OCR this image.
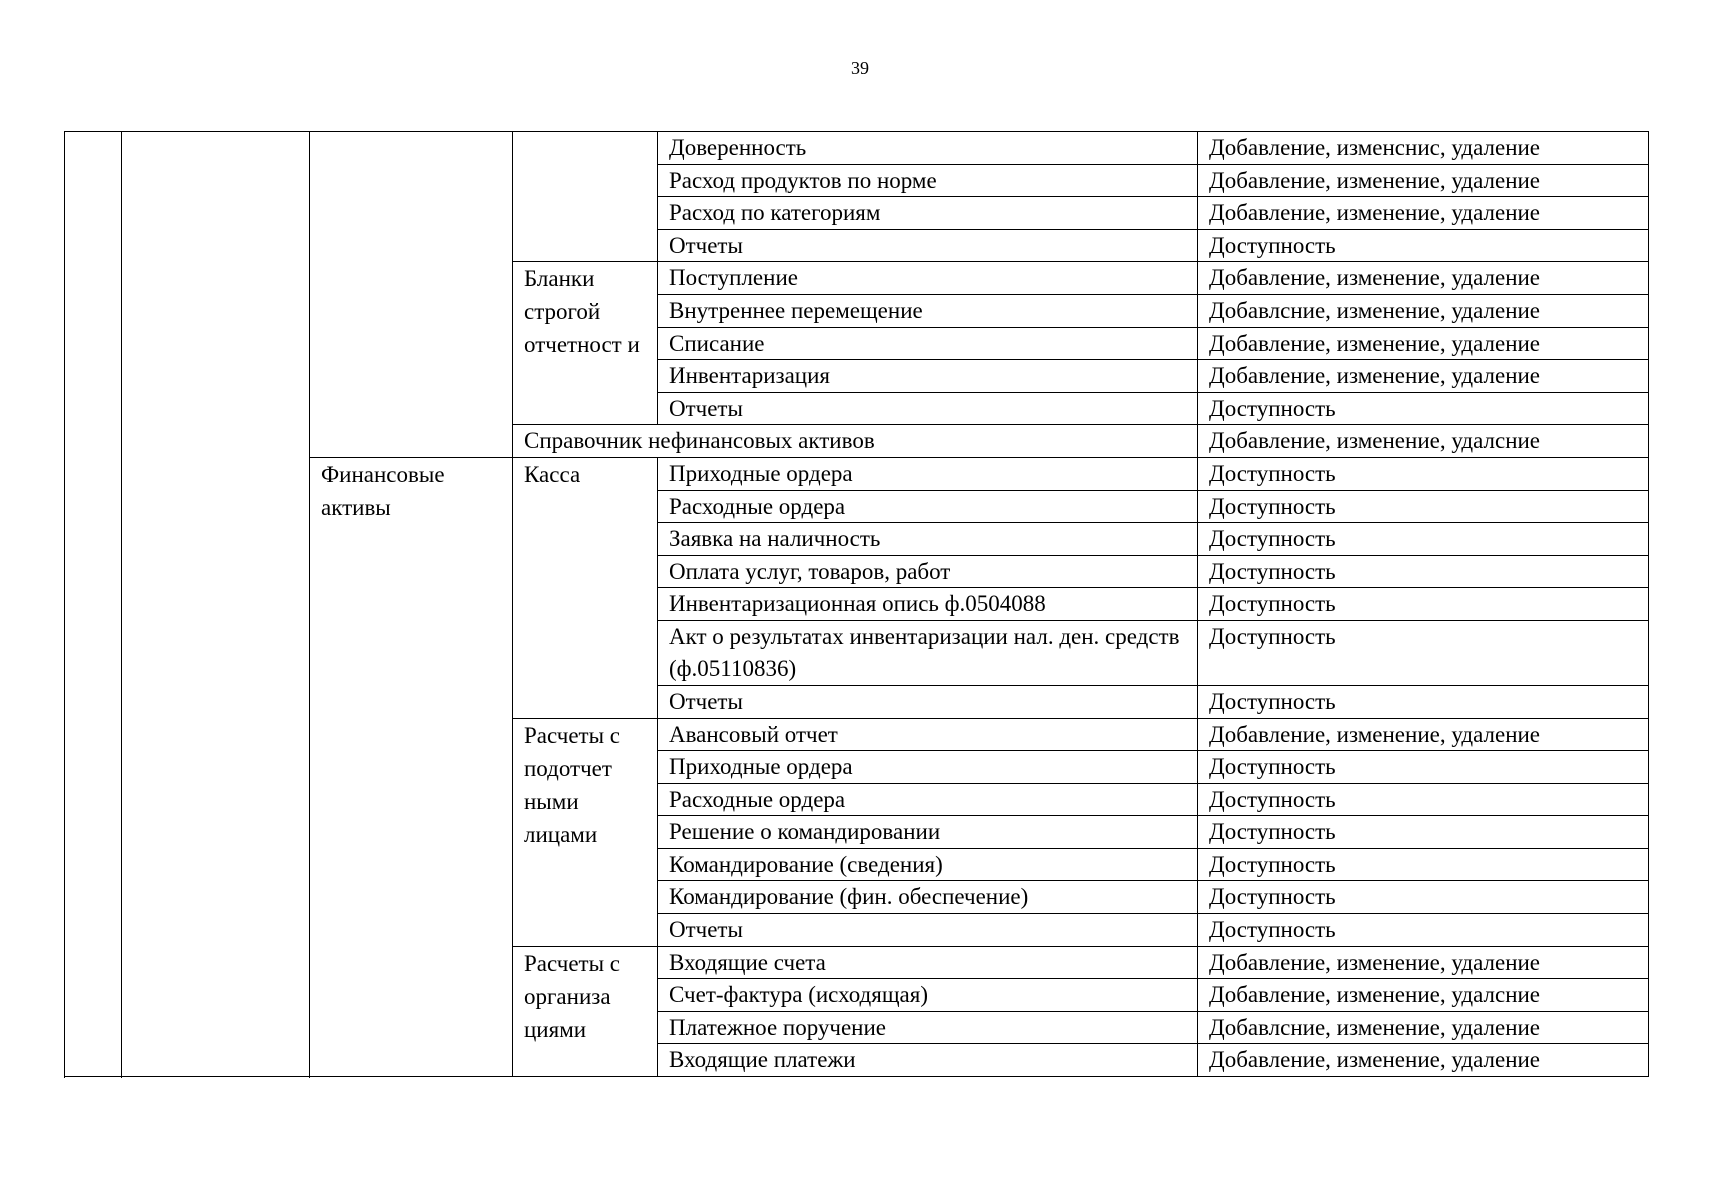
39
				Доверенность	Добавление, изменснис, удаление
				Расход продуктов по норме	Добавление, изменение, удаление
				Расход по категориям	Добавление, изменение, удаление
				Отчеты	Доступность
			Бланки строгой отчетност и	Поступление	Добавление, изменение, удаление
				Внутреннее перемещение	Добавлсние, изменение, удаление
				Списание	Добавление, изменение, удаление
				Инвентаризация	Добавление, изменение, удаление
				Отчеты	Доступность
			Справочник нефинансовых активов		Добавление, изменение, удалсние
		Финансовые активы	Касса	Приходные ордера	Доступность
				Расходные ордера	Доступность
				Заявка на наличность	Доступность
				Оплата услуг, товаров, работ	Доступность
				Инвентаризационная опись ф.0504088	Доступность
				Акт о результатах инвентаризации нал. ден. средств (ф.05110836)	Доступность
				Отчеты	Доступность
			Расчеты с подотчет ными лицами	Авансовый отчет	Добавление, изменение, удаление
				Приходные ордера	Доступность
				Расходные ордера	Доступность
				Решение о командировании	Доступность
				Командирование (сведения)	Доступность
				Командирование (фин. обеспечение)	Доступность
				Отчеты	Доступность
			Расчеты с организа циями	Входящие счета	Добавление, изменение, удаление
				Счет-фактура (исходящая)	Добавление, изменение, удалсние
				Платежное поручение	Добавлсние, изменение, удаление
				Входящие платежи	Добавление, изменение, удаление
